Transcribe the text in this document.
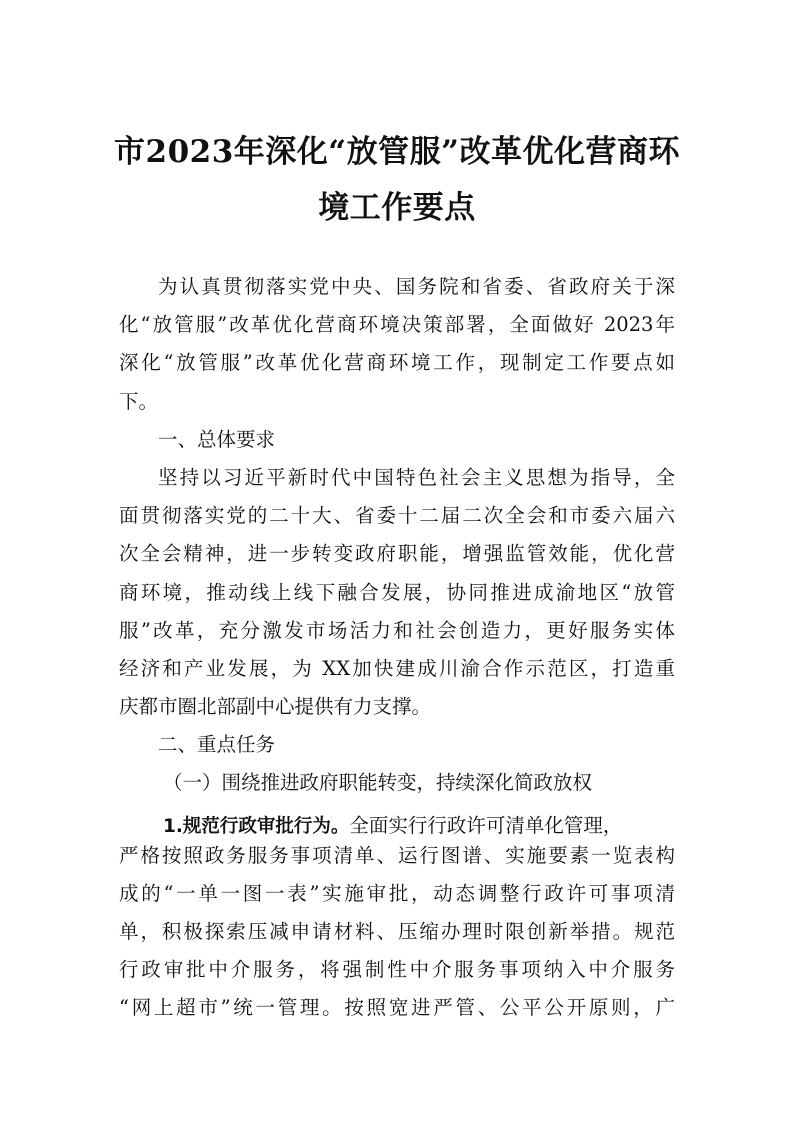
市2023年深化“放管服”改革优化营商环
境工作要点
为认真贯彻落实党中央、国务院和省委、省政府关于深
化“放管服”改革优化营商环境决策部署，全面做好 2023年
深化“放管服”改革优化营商环境工作，现制定工作要点如
下。
一、总体要求
坚持以习近平新时代中国特色社会主义思想为指导，全
面贯彻落实党的二十大、省委十二届二次全会和市委六届六
次全会精神，进一步转变政府职能，增强监管效能，优化营
商环境，推动线上线下融合发展，协同推进成渝地区“放管
服”改革，充分激发市场活力和社会创造力，更好服务实体
经济和产业发展，为 XX加快建成川渝合作示范区，打造重
庆都市圈北部副中心提供有力支撑。
二、重点任务
（一）围绕推进政府职能转变，持续深化简政放权
1.规范行政审批行为。全面实行行政许可清单化管理，
严格按照政务服务事项清单、运行图谱、实施要素一览表构
成的“一单一图一表”实施审批，动态调整行政许可事项清
单，积极探索压减申请材料、压缩办理时限创新举措。规范
行政审批中介服务，将强制性中介服务事项纳入中介服务
“网上超市”统一管理。按照宽进严管、公平公开原则，广
